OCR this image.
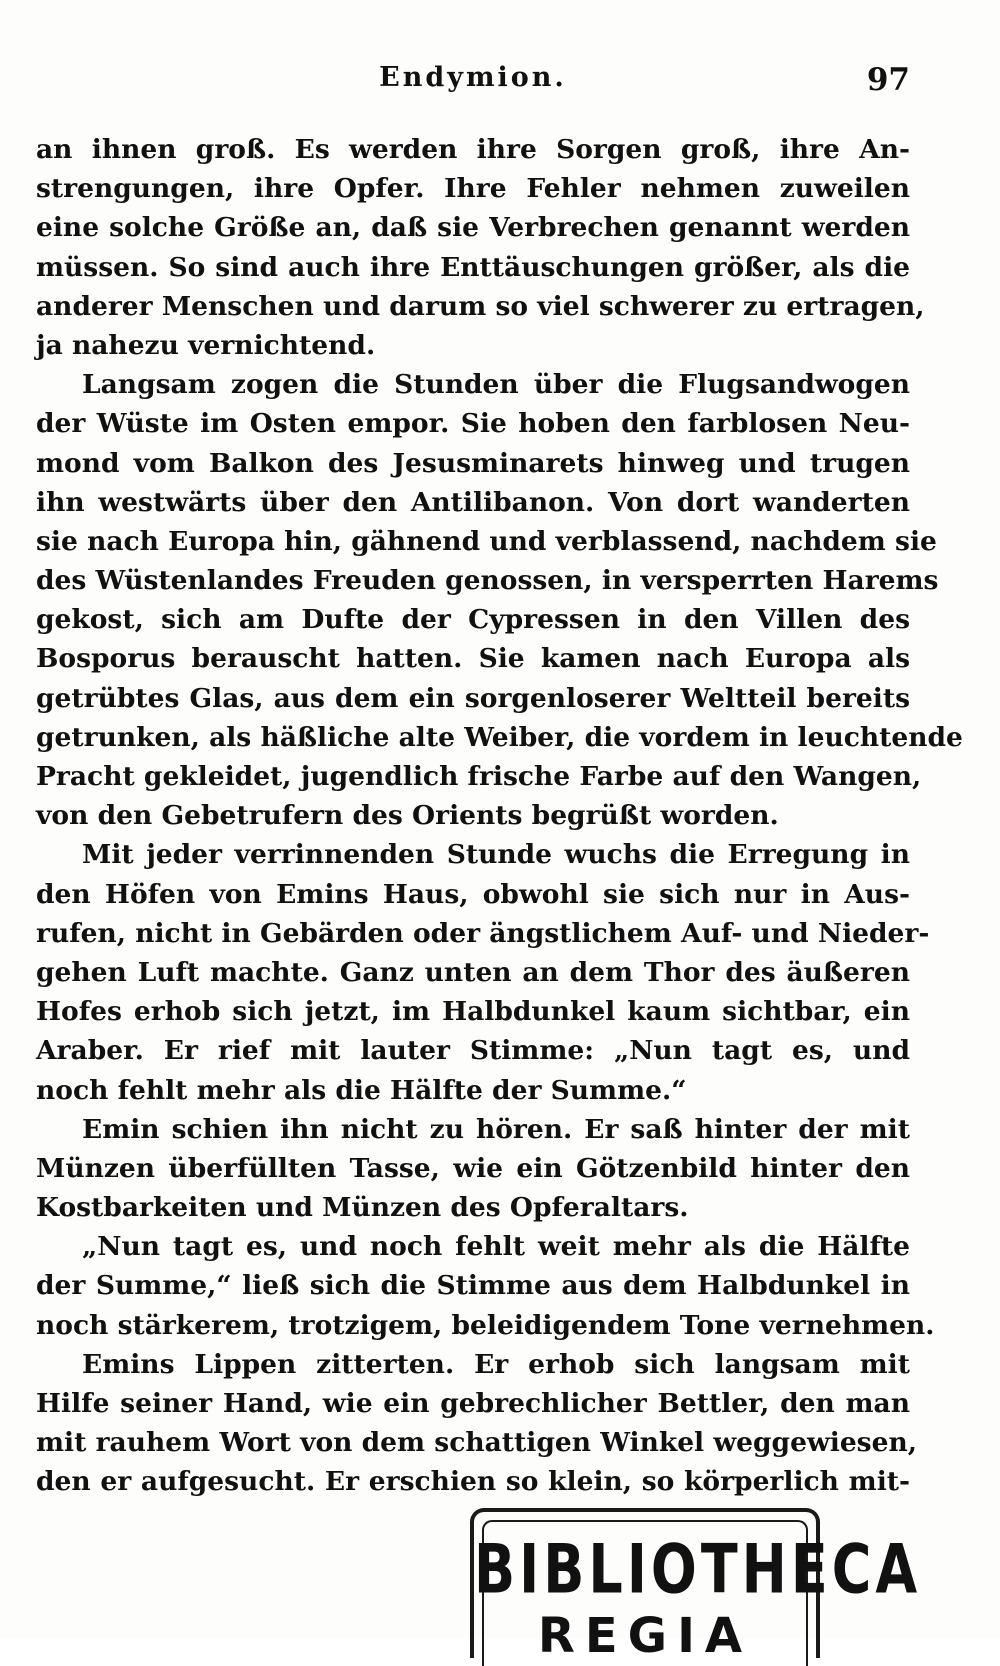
Endymion.	97
an ihnen groß. Es werden ihre Sorgen groß, ihre An-
strengungen, ihre Opfer. Ihre Fehler nehmen zuweilen
eine solche Größe an, daß sie Verbrechen genannt werden
müssen. So sind auch ihre Enttäuschungen größer, als die
anderer Menschen und darum so viel schwerer zu ertragen,
ja nahezu vernichtend.
Langsam zogen die Stunden über die Flugsandwogen
der Wüste im Osten empor. Sie hoben den farblosen Neu-
mond vom Balkon des Jesusminarets hinweg und trugen
ihn westwärts über den Antilibanon. Von dort wanderten
sie nach Europa hin, gähnend und verblassend, nachdem sie
des Wüstenlandes Freuden genossen, in versperrten Harems
gekost, sich am Dufte der Cypressen in den Villen des
Bosporus berauscht hatten. Sie kamen nach Europa als
getrübtes Glas, aus dem ein sorgenloserer Weltteil bereits
getrunken, als häßliche alte Weiber, die vordem in leuchtende
Pracht gekleidet, jugendlich frische Farbe auf den Wangen,
von den Gebetrufern des Orients begrüßt worden.
Mit jeder verrinnenden Stunde wuchs die Erregung in
den Höfen von Emins Haus, obwohl sie sich nur in Aus-
rufen, nicht in Gebärden oder ängstlichem Auf- und Nieder-
gehen Luft machte. Ganz unten an dem Thor des äußeren
Hofes erhob sich jetzt, im Halbdunkel kaum sichtbar, ein
Araber. Er rief mit lauter Stimme: „Nun tagt es, und
noch fehlt mehr als die Hälfte der Summe.“
Emin schien ihn nicht zu hören. Er saß hinter der mit
Münzen überfüllten Tasse, wie ein Götzenbild hinter den
Kostbarkeiten und Münzen des Opferaltars.
„Nun tagt es, und noch fehlt weit mehr als die Hälfte
der Summe,“ ließ sich die Stimme aus dem Halbdunkel in
noch stärkerem, trotzigem, beleidigendem Tone vernehmen.
Emins Lippen zitterten. Er erhob sich langsam mit
Hilfe seiner Hand, wie ein gebrechlicher Bettler, den man
mit rauhem Wort von dem schattigen Winkel weggewiesen,
den er aufgesucht. Er erschien so klein, so körperlich mit-
BIBLIOTHECA
REGIA
